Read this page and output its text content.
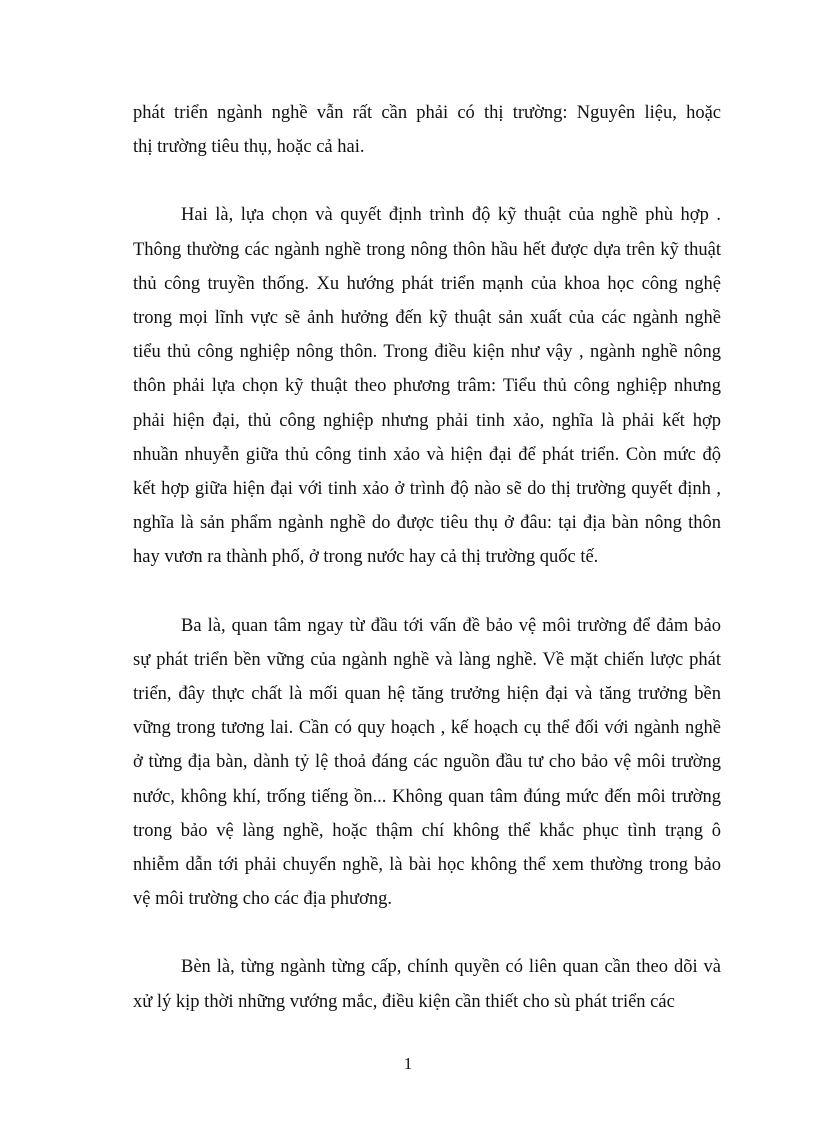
phát triển ngành nghề vẫn rất cần phải có thị trường: Nguyên liệu, hoặc
thị trường tiêu thụ, hoặc cả hai.

Hai là, lựa chọn và quyết định trình độ kỹ thuật của nghề phù hợp .
Thông thường các ngành nghề trong nông thôn hầu hết được dựa trên kỹ thuật
thủ công truyền thống. Xu hướng phát triển mạnh của khoa học công nghệ
trong mọi lĩnh vực sẽ ảnh hưởng đến kỹ thuật sản xuất của các ngành nghề
tiểu thủ công nghiệp nông thôn. Trong điều kiện như vậy , ngành nghề nông
thôn phải lựa chọn kỹ thuật theo phương trâm: Tiểu thủ công nghiệp nhưng
phải hiện đại, thủ công nghiệp nhưng phải tinh xảo, nghĩa là phải kết hợp
nhuần nhuyễn giữa thủ công tinh xảo và hiện đại để phát triển. Còn mức độ
kết hợp giữa hiện đại với tinh xảo ở trình độ nào sẽ do thị trường quyết định ,
nghĩa là sản phẩm ngành nghề do được tiêu thụ ở đâu: tại địa bàn nông thôn
hay vươn ra thành phố, ở trong nước hay cả thị trường quốc tế.

Ba là, quan tâm ngay từ đầu tới vấn đề bảo vệ môi trường để đảm bảo
sự phát triển bền vững của ngành nghề và làng nghề. Về mặt chiến lược phát
triển, đây thực chất là mối quan hệ tăng trưởng hiện đại và tăng trưởng bền
vững trong tương lai. Cần có quy hoạch , kế hoạch cụ thể đối với ngành nghề
ở từng địa bàn, dành tỷ lệ thoả đáng các nguồn đầu tư cho bảo vệ môi trường
nước, không khí, trống tiếng ồn... Không quan tâm đúng mức đến môi trường
trong bảo vệ làng nghề, hoặc thậm chí không thể khắc phục tình trạng ô
nhiễm dẫn tới phải chuyển nghề, là bài học không thể xem thường trong bảo
vệ môi trường cho các địa phương.

Bèn là, từng ngành từng cấp, chính quyền có liên quan cần theo dõi và
xử lý kịp thời những vướng mắc, điều kiện cần thiết cho sù phát triển các

1
